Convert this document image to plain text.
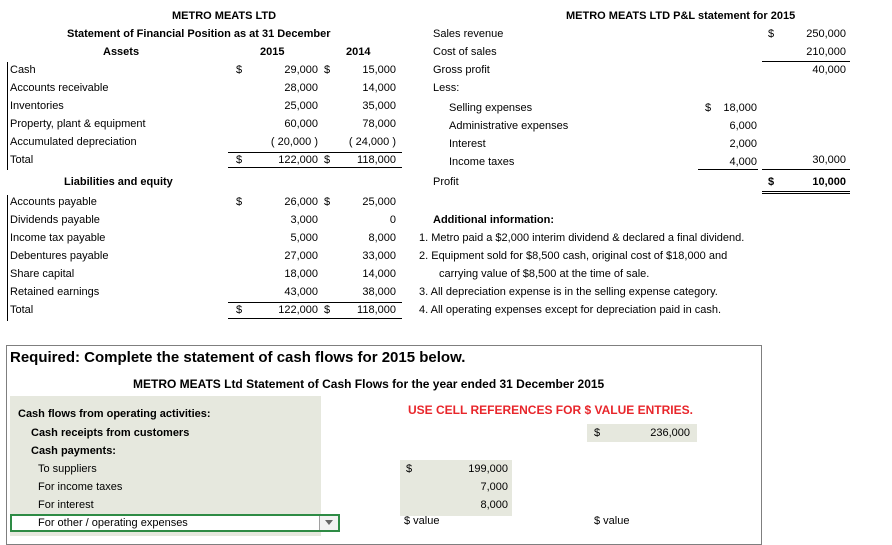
METRO MEATS LTD
Statement of Financial Position as at 31 December
Assets	2015	2014
Cash	$	29,000 $	15,000
Accounts receivable	28,000	14,000
Inventories	25,000	35,000
Property, plant & equipment	60,000	78,000
Accumulated depreciation	( 20,000 )	( 24,000 )
Total	$	122,000 $	118,000
Liabilities and equity
Accounts payable	$	26,000 $	25,000
Dividends payable	3,000	0
Income tax payable	5,000	8,000
Debentures payable	27,000	33,000
Share capital	18,000	14,000
Retained earnings	43,000	38,000
Total	$	122,000 $	118,000
METRO MEATS LTD P&L statement for 2015
Sales revenue	$	250,000
Cost of sales	210,000
Gross profit	40,000
Less:
Selling expenses	$	18,000
Administrative expenses	6,000
Interest	2,000
Income taxes	4,000	30,000
Profit	$	10,000
Additional information:
1. Metro paid a $2,000 interim dividend & declared a final dividend.
2. Equipment sold for $8,500 cash, original cost of $18,000 and
carrying value of $8,500 at the time of sale.
3. All depreciation expense is in the selling expense category.
4. All operating expenses except for depreciation paid in cash.
Required: Complete the statement of cash flows for 2015 below.
METRO MEATS Ltd Statement of Cash Flows for the year ended 31 December 2015
USE CELL REFERENCES FOR $ VALUE ENTRIES.
Cash flows from operating activities:
Cash receipts from customers	$	236,000
Cash payments:
To suppliers	$	199,000
For income taxes	7,000
For interest	8,000
For other / operating expenses	$ value	$ value
